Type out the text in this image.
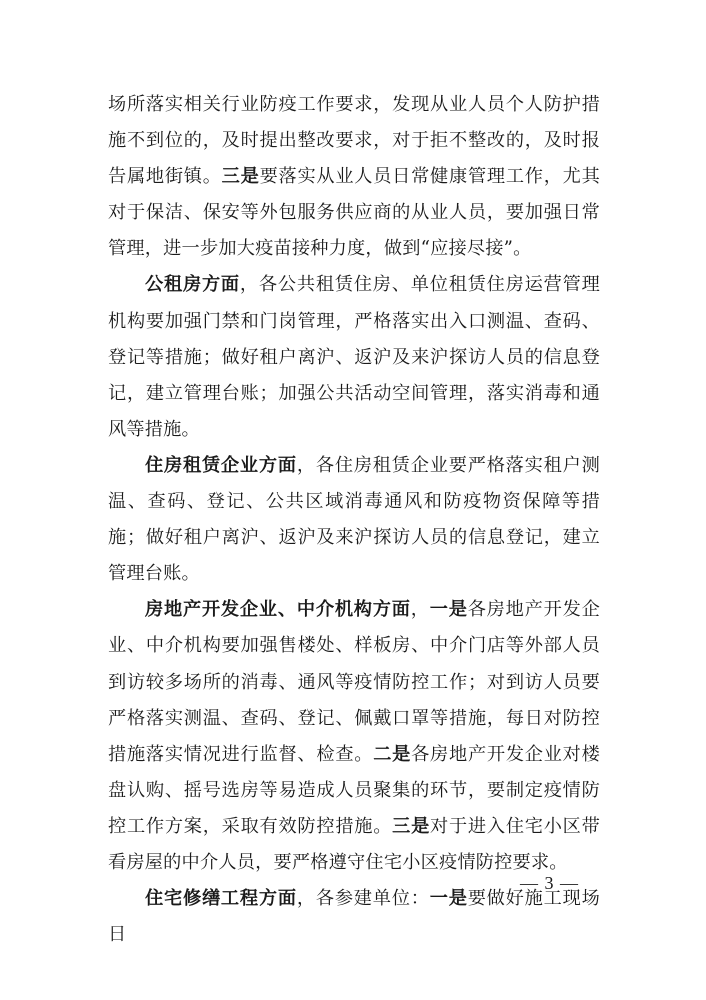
场所落实相关行业防疫工作要求，发现从业人员个人防护措施不到位的，及时提出整改要求，对于拒不整改的，及时报告属地街镇。三是要落实从业人员日常健康管理工作，尤其对于保洁、保安等外包服务供应商的从业人员，要加强日常管理，进一步加大疫苗接种力度，做到“应接尽接”。

公租房方面，各公共租赁住房、单位租赁住房运营管理机构要加强门禁和门岗管理，严格落实出入口测温、查码、登记等措施；做好租户离沪、返沪及来沪探访人员的信息登记，建立管理台账；加强公共活动空间管理，落实消毒和通风等措施。

住房租赁企业方面，各住房租赁企业要严格落实租户测温、查码、登记、公共区域消毒通风和防疫物资保障等措施；做好租户离沪、返沪及来沪探访人员的信息登记，建立管理台账。

房地产开发企业、中介机构方面，一是各房地产开发企业、中介机构要加强售楼处、样板房、中介门店等外部人员到访较多场所的消毒、通风等疫情防控工作；对到访人员要严格落实测温、查码、登记、佩戴口罩等措施，每日对防控措施落实情况进行监督、检查。二是各房地产开发企业对楼盘认购、摇号选房等易造成人员聚集的环节，要制定疫情防控工作方案，采取有效防控措施。三是对于进入住宅小区带看房屋的中介人员，要严格遵守住宅小区疫情防控要求。

住宅修缮工程方面，各参建单位：一是要做好施工现场日

— 3 —
